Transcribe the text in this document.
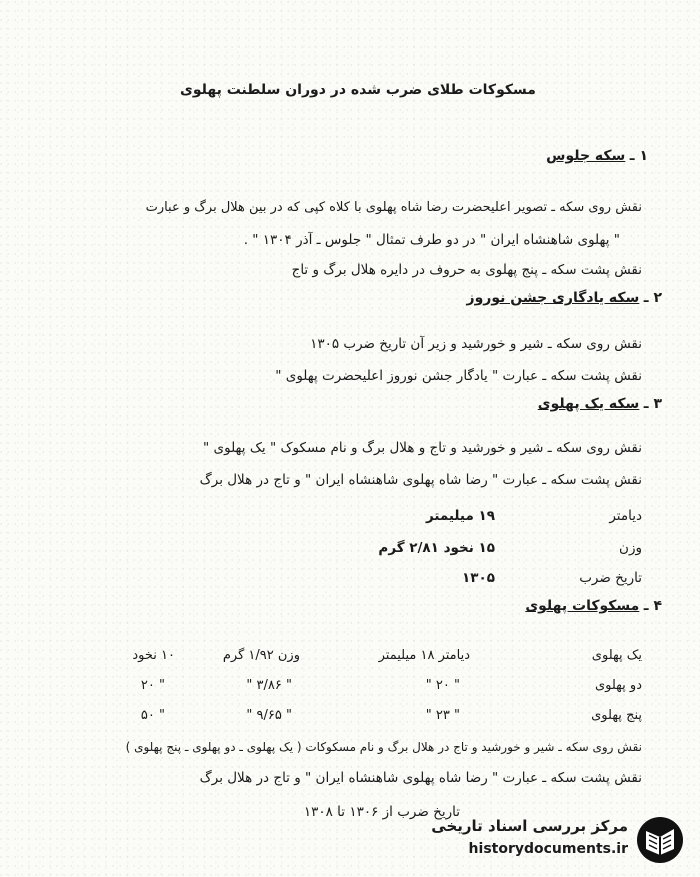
مسکوکات طلای ضرب شده در دوران سلطنت پهلوی
۱ ـ سکه جلوس
نقش روی سکه ـ تصویر اعلیحضرت رضا شاه پهلوی با کلاه کپی که در بین هلال برگ و عبارت
" پهلوی شاهنشاه ایران " در دو طرف تمثال " جلوس ـ آذر ۱۳۰۴ " .
نقش پشت سکه ـ پنج پهلوی به حروف در دایره هلال برگ و تاج
۲ ـ سکه یادگاری جشن نوروز
نقش روی سکه ـ شیر و خورشید و زیر آن تاریخ ضرب ۱۳۰۵
نقش پشت سکه ـ عبارت " یادگار جشن نوروز اعلیحضرت پهلوی "
۳ ـ سکه یک پهلوی
نقش روی سکه ـ شیر و خورشید و تاج و هلال برگ و نام مسکوک " یک پهلوی "
نقش پشت سکه ـ عبارت " رضا شاه پهلوی شاهنشاه ایران " و تاج در هلال برگ
دیامتر
۱۹ میلیمتر
وزن
۱۵ نخود ۲/۸۱ گرم
تاریخ ضرب
۱۳۰۵
۴ ـ مسکوکات پهلوی
یک پهلوی
دیامتر ۱۸ میلیمتر
وزن ۱/۹۲ گرم
۱۰ نخود
دو پهلوی
" ۲۰ "
" ۳/۸۶ "
" ۲۰
پنج پهلوی
" ۲۳ "
" ۹/۶۵ "
" ۵۰
نقش روی سکه ـ شیر و خورشید و تاج در هلال برگ و نام مسکوکات ( یک پهلوی ـ دو پهلوی ـ پنج پهلوی )
نقش پشت سکه ـ عبارت " رضا شاه پهلوی شاهنشاه ایران " و تاج در هلال برگ
تاریخ ضرب از ۱۳۰۶ تا ۱۳۰۸
مرکز بررسی اسناد تاریخی
historydocuments.ir
